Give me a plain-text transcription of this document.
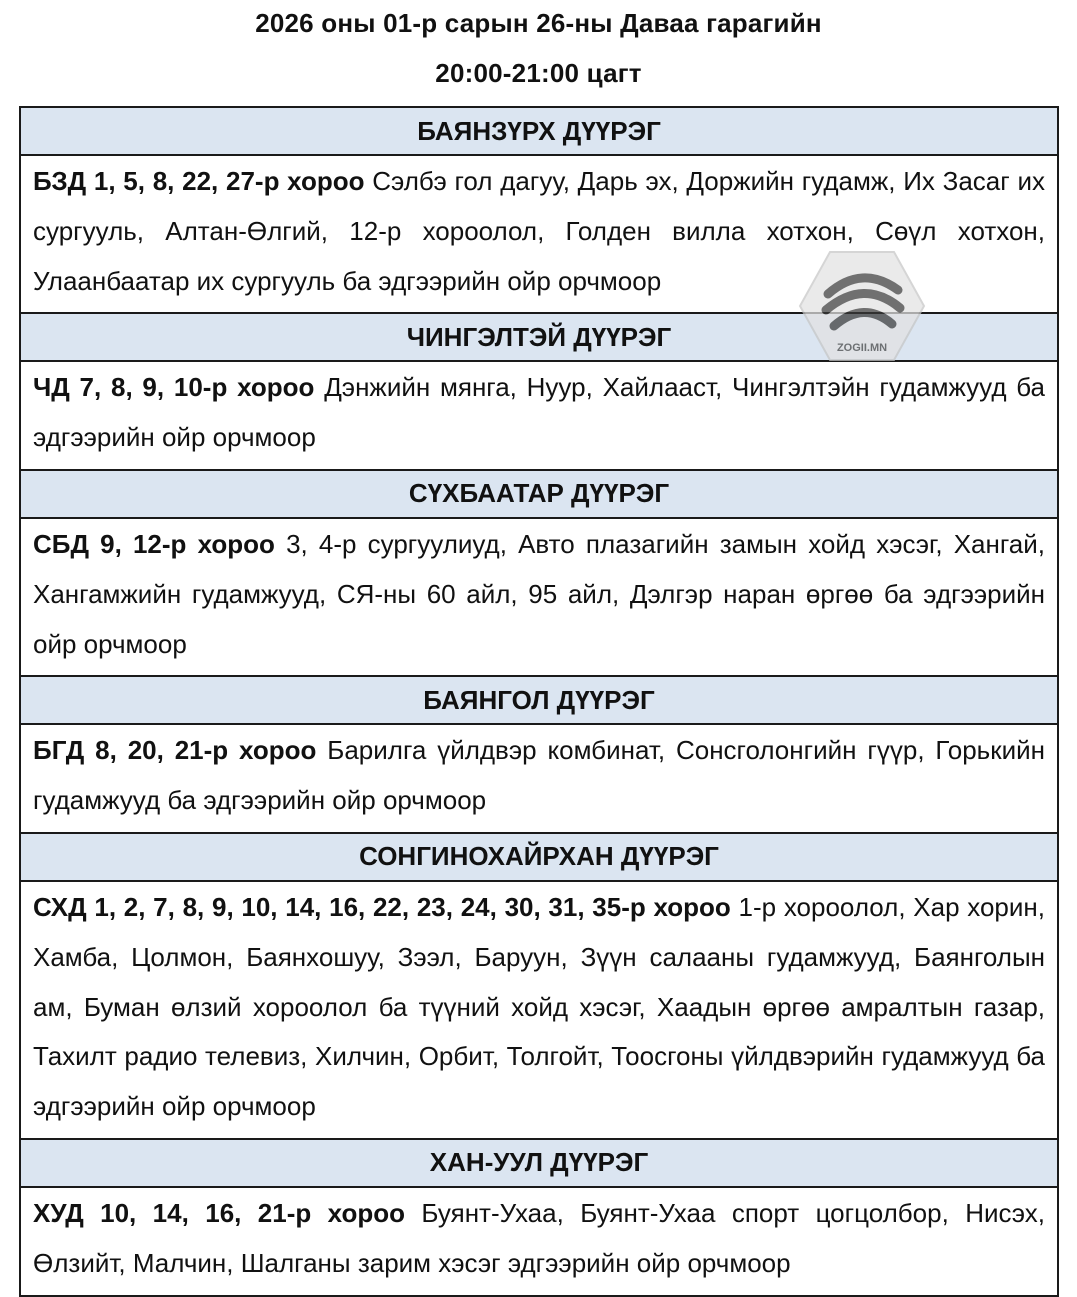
2026 оны 01-р сарын 26-ны Даваа гарагийн
20:00-21:00 цагт
БАЯНЗҮРХ ДҮҮРЭГ
БЗД 1, 5, 8, 22, 27-р хороо Сэлбэ гол дагуу, Дарь эх, Доржийн гудамж, Их Засаг их сургууль, Алтан-Өлгий, 12-р хороолол, Голден вилла хотхон, Сөүл хотхон, Улаанбаатар их сургууль ба эдгээрийн ойр орчмоор
ЧИНГЭЛТЭЙ ДҮҮРЭГ
ЧД 7, 8, 9, 10-р хороо Дэнжийн мянга, Нуур, Хайлааст, Чингэлтэйн гудамжууд ба эдгээрийн ойр орчмоор
СҮХБААТАР ДҮҮРЭГ
СБД 9, 12-р хороо 3, 4-р сургуулиуд, Авто плазагийн замын хойд хэсэг, Хангай, Хангамжийн гудамжууд, СЯ-ны 60 айл, 95 айл, Дэлгэр наран өргөө ба эдгээрийн ойр орчмоор
БАЯНГОЛ ДҮҮРЭГ
БГД 8, 20, 21-р хороо Барилга үйлдвэр комбинат, Сонсголонгийн гүүр, Горькийн гудамжууд ба эдгээрийн ойр орчмоор
СОНГИНОХАЙРХАН ДҮҮРЭГ
СХД 1, 2, 7, 8, 9, 10, 14, 16, 22, 23, 24, 30, 31, 35-р хороо 1-р хороолол, Хар хорин, Хамба, Цолмон, Баянхошуу, Зээл, Баруун, Зүүн салааны гудамжууд, Баянголын ам, Буман өлзий хороолол ба түүний хойд хэсэг, Хаадын өргөө амралтын газар, Тахилт радио телевиз, Хилчин, Орбит, Толгойт, Тоосгоны үйлдвэрийн гудамжууд ба эдгээрийн ойр орчмоор
ХАН-УУЛ ДҮҮРЭГ
ХУД 10, 14, 16, 21-р хороо Буянт-Ухаа, Буянт-Ухаа спорт цогцолбор, Нисэх, Өлзийт, Малчин, Шалганы зарим хэсэг эдгээрийн ойр орчмоор
ZOGII.MN
